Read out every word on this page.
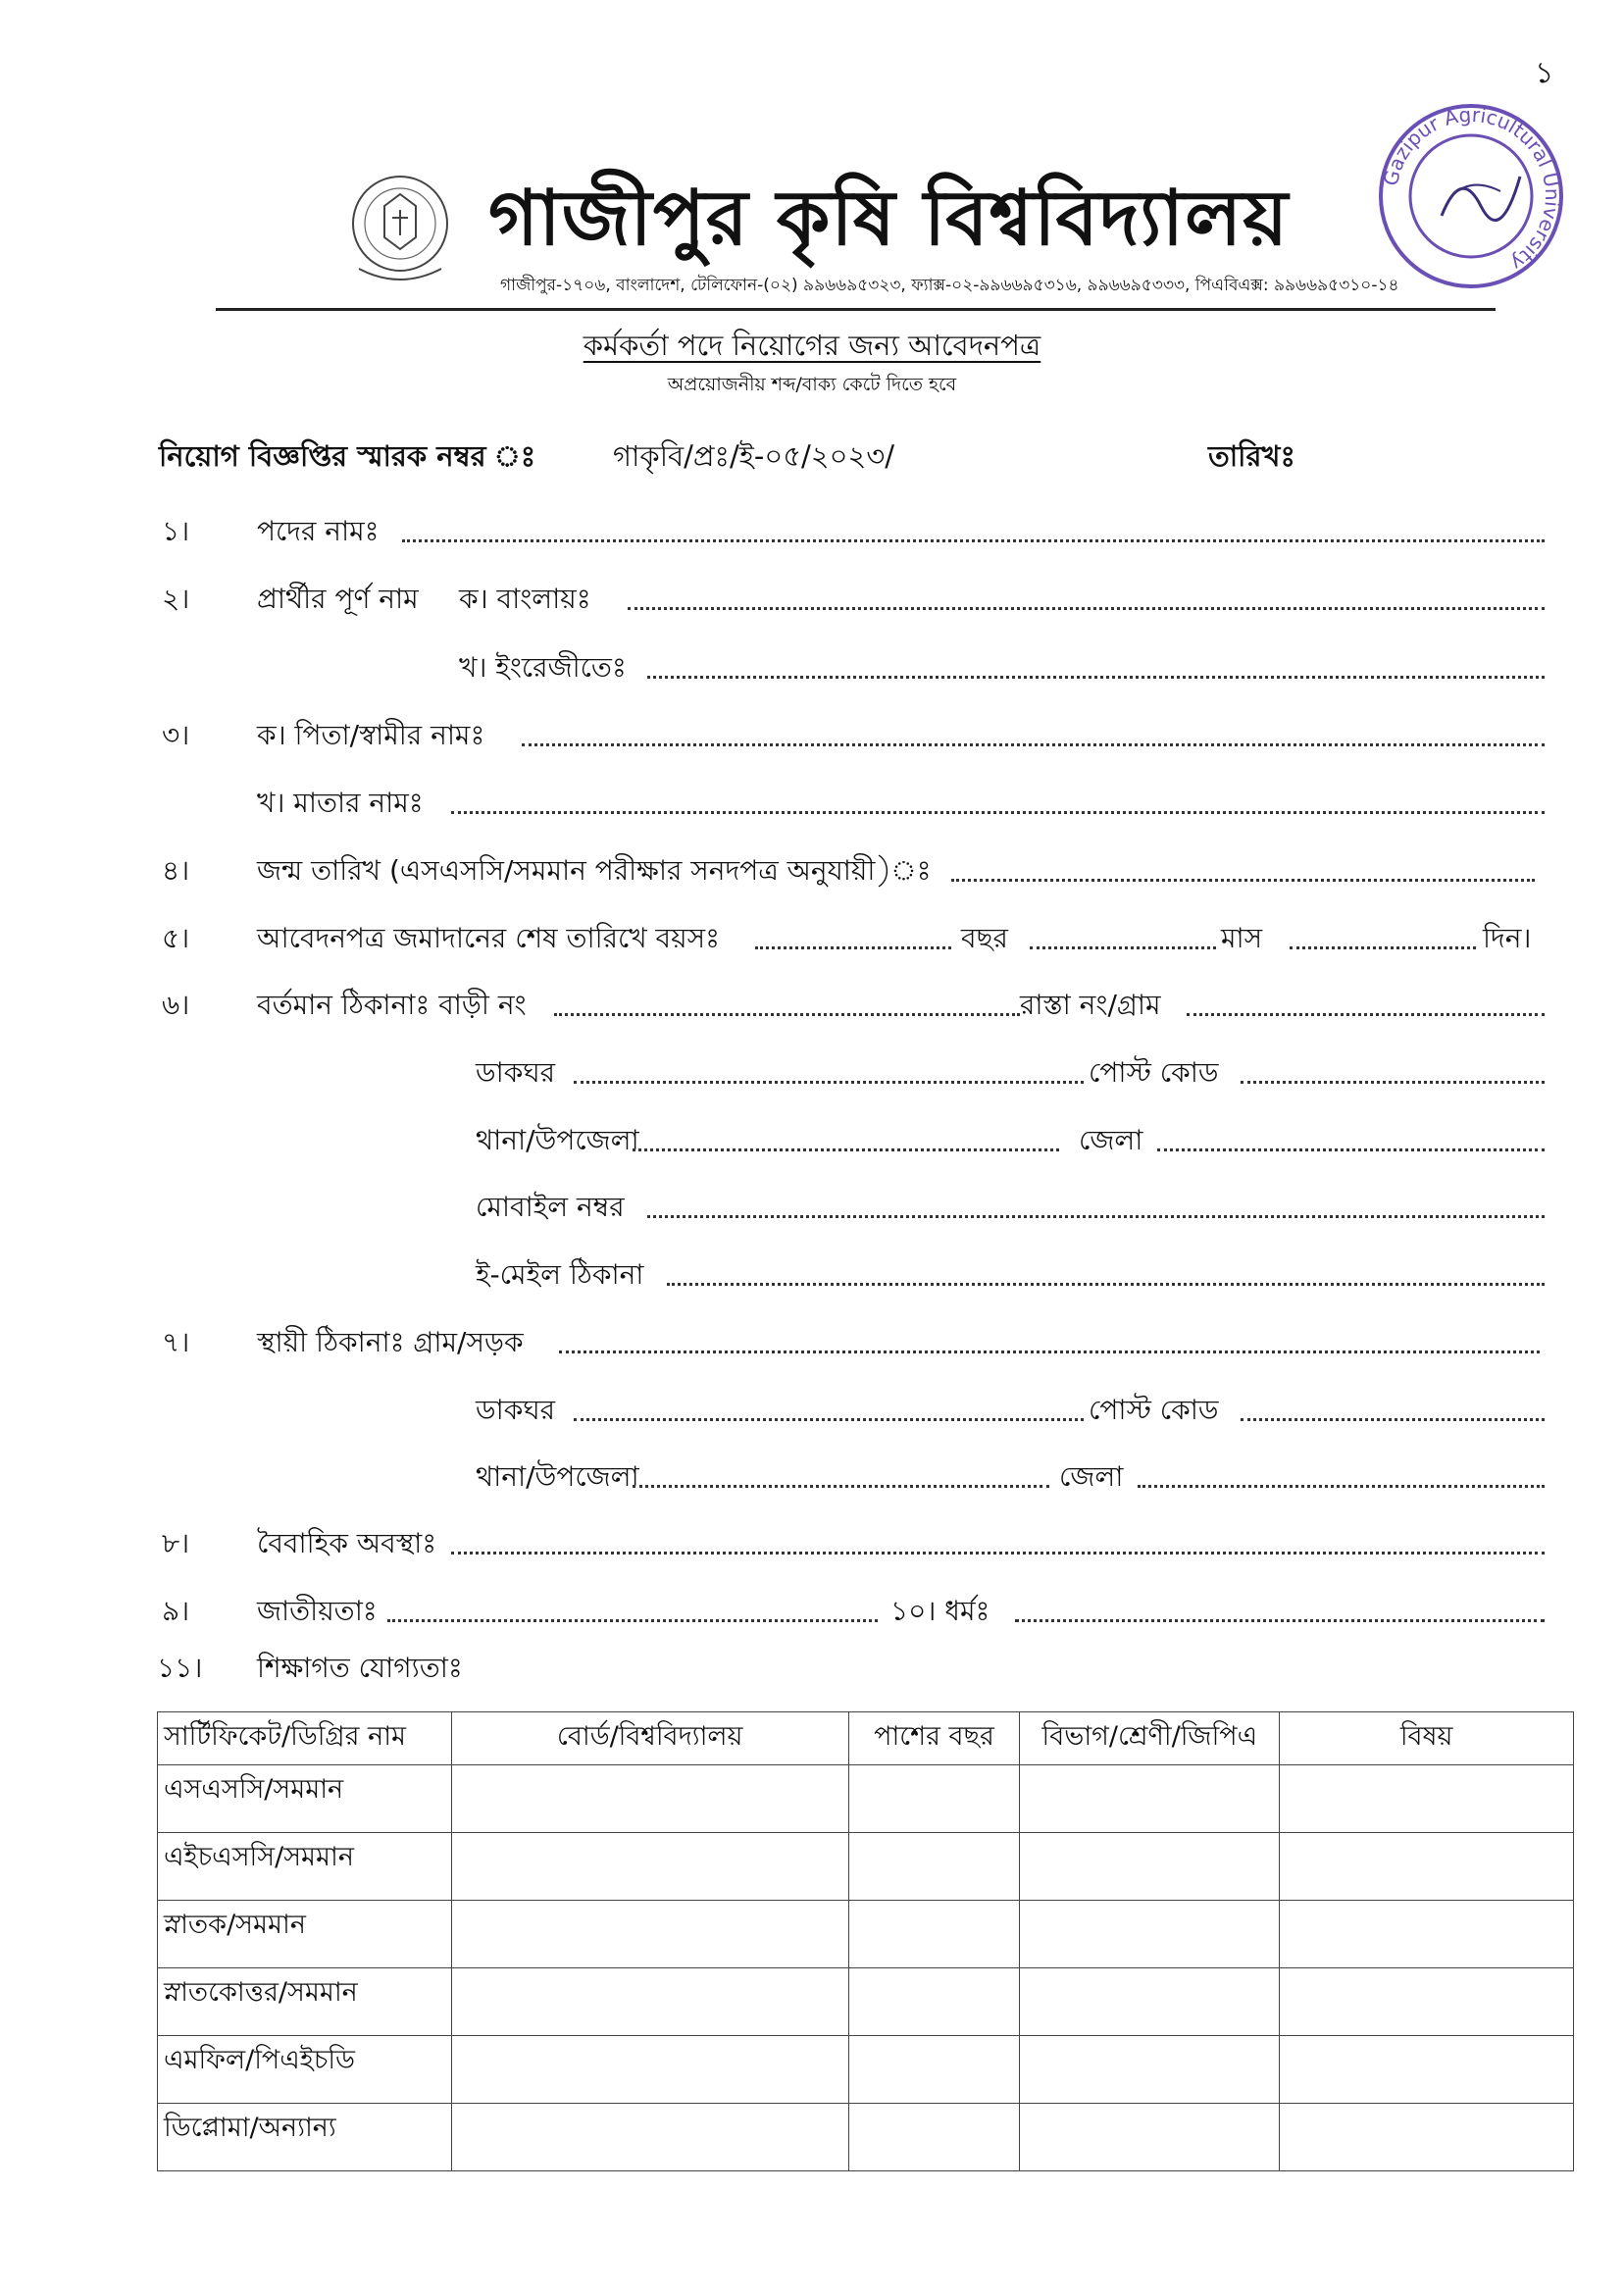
১
গাজীপুর কৃষি বিশ্ববিদ্যালয়
গাজীপুর-১৭০৬, বাংলাদেশ, টেলিফোন-(০২) ৯৯৬৬৯৫৩২৩, ফ্যাক্স-০২-৯৯৬৬৯৫৩১৬, ৯৯৬৬৯৫৩৩৩, পিএবিএক্স: ৯৯৬৬৯৫৩১০-১৪
Gazipur Agricultural University
কর্মকর্তা পদে নিয়োগের জন্য আবেদনপত্র
অপ্রয়োজনীয় শব্দ/বাক্য কেটে দিতে হবে
নিয়োগ বিজ্ঞপ্তির স্মারক নম্বর ঃ	গাকৃবি/প্রঃ/ই-০৫/২০২৩/	তারিখঃ
১। পদের নামঃ
২। প্রার্থীর পূর্ণ নাম ক। বাংলায়ঃ
খ। ইংরেজীতেঃ
৩। ক। পিতা/স্বামীর নামঃ
খ। মাতার নামঃ
৪। জন্ম তারিখ (এসএসসি/সমমান পরীক্ষার সনদপত্র অনুযায়ী)ঃ
৫। আবেদনপত্র জমাদানের শেষ তারিখে বয়সঃ	বছর	মাস	দিন।
৬। বর্তমান ঠিকানাঃ বাড়ী নং	রাস্তা নং/গ্রাম
ডাকঘর	পোস্ট কোড
থানা/উপজেলা	জেলা
মোবাইল নম্বর
ই-মেইল ঠিকানা
৭। স্থায়ী ঠিকানাঃ গ্রাম/সড়ক
ডাকঘর	পোস্ট কোড
থানা/উপজেলা	জেলা
৮। বৈবাহিক অবস্থাঃ
৯। জাতীয়তাঃ	১০। ধর্মঃ
১১। শিক্ষাগত যোগ্যতাঃ
সার্টিফিকেট/ডিগ্রির নাম	বোর্ড/বিশ্ববিদ্যালয়	পাশের বছর	বিভাগ/শ্রেণী/জিপিএ	বিষয়
এসএসসি/সমমান				
এইচএসসি/সমমান				
স্নাতক/সমমান				
স্নাতকোত্তর/সমমান				
এমফিল/পিএইচডি				
ডিপ্লোমা/অন্যান্য				
